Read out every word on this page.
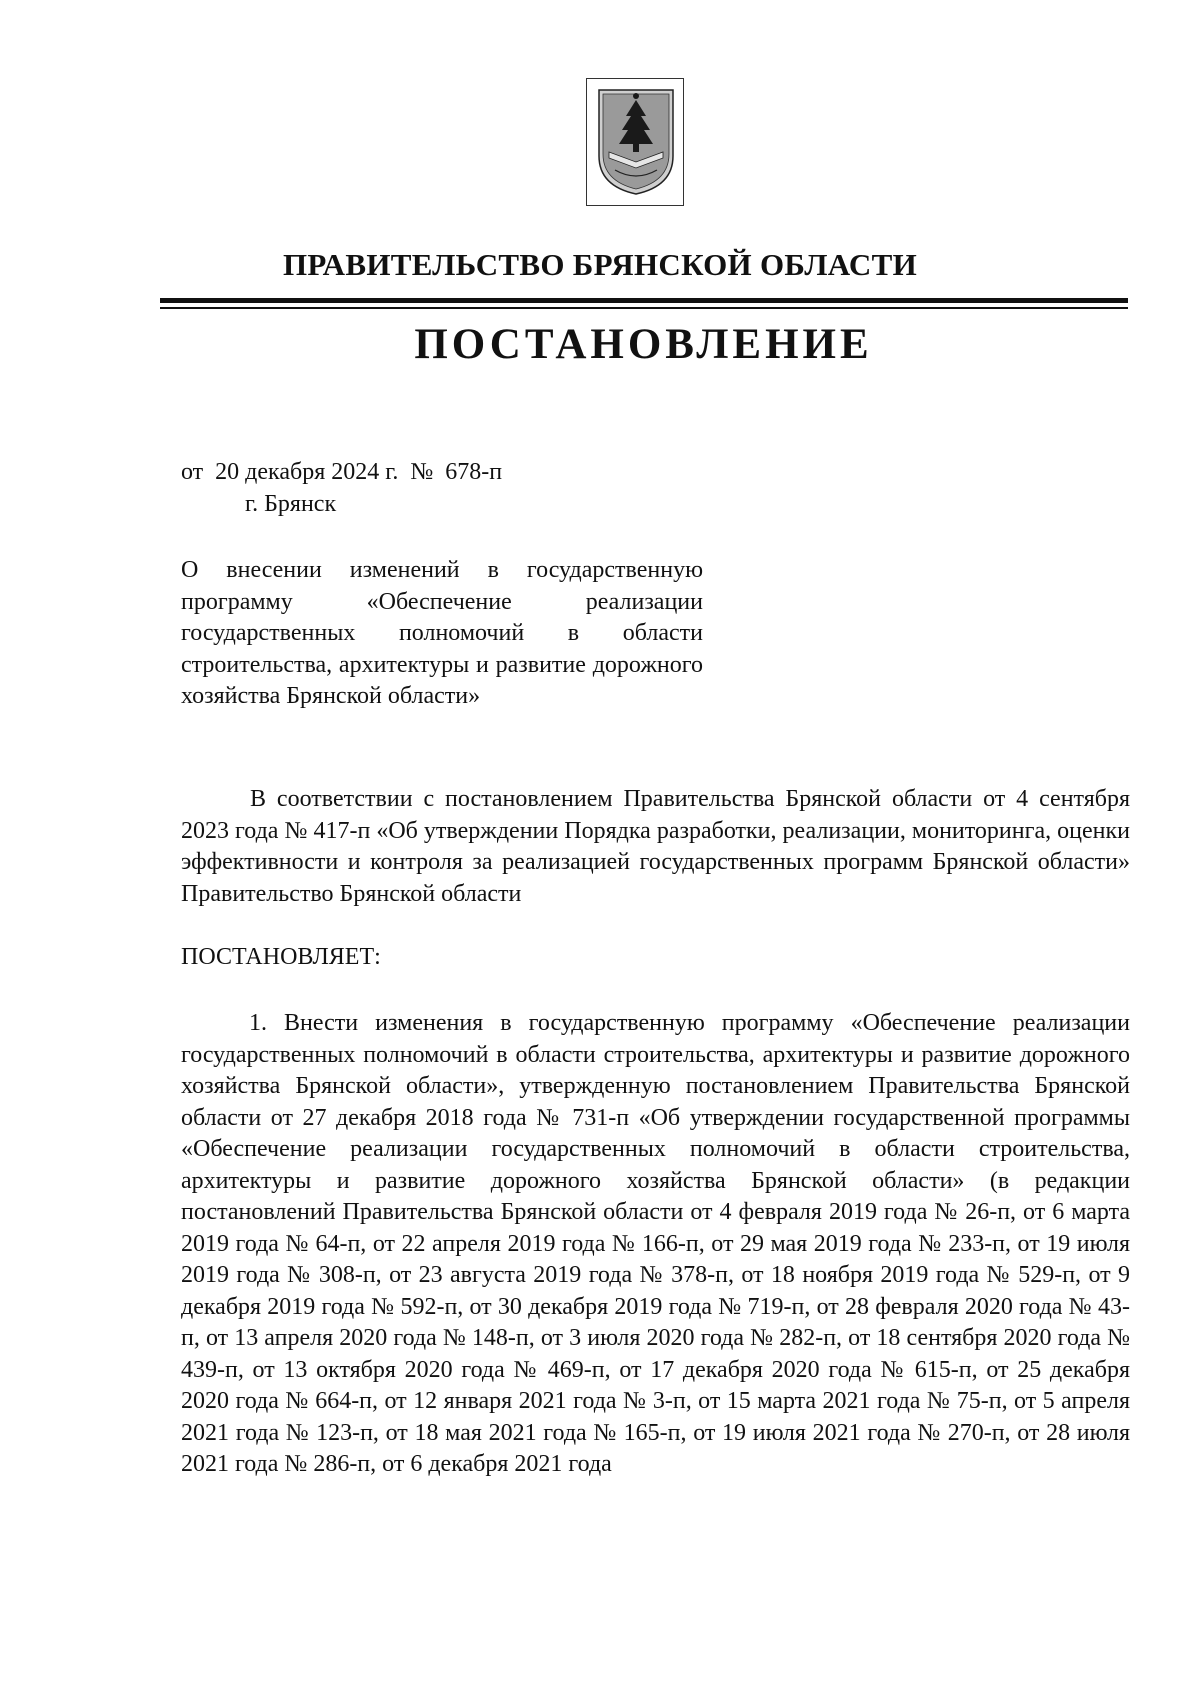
ПРАВИТЕЛЬСТВО БРЯНСКОЙ ОБЛАСТИ
ПОСТАНОВЛЕНИЕ
от  20 декабря 2024 г.  №  678-п
г. Брянск
О внесении изменений в государственную программу «Обеспечение реализации государственных полномочий в области строительства, архитектуры и развитие дорожного хозяйства Брянской области»
В соответствии с постановлением Правительства Брянской области от 4 сентября 2023 года № 417-п «Об утверждении Порядка разработки, реализации, мониторинга, оценки эффективности и контроля за реализацией государственных программ Брянской области» Правительство Брянской области
ПОСТАНОВЛЯЕТ:
1. Внести изменения в государственную программу «Обеспечение реализации государственных полномочий в области строительства, архитектуры и развитие дорожного хозяйства Брянской области», утвержденную постановлением Правительства Брянской области от 27 декабря 2018 года № 731-п «Об утверждении государственной программы «Обеспечение реализации государственных полномочий в области строительства, архитектуры и развитие дорожного хозяйства Брянской области» (в редакции постановлений Правительства Брянской области от 4 февраля 2019 года № 26-п, от 6 марта 2019 года № 64-п, от 22 апреля 2019 года № 166-п, от 29 мая 2019 года № 233-п, от 19 июля 2019 года № 308-п, от 23 августа 2019 года № 378-п, от 18 ноября 2019 года № 529-п, от 9 декабря 2019 года № 592-п, от 30 декабря 2019 года № 719-п, от 28 февраля 2020 года № 43-п, от 13 апреля 2020 года № 148-п, от 3 июля 2020 года № 282-п, от 18 сентября 2020 года № 439-п, от 13 октября 2020 года № 469-п, от 17 декабря 2020 года № 615-п, от 25 декабря 2020 года № 664-п, от 12 января 2021 года № 3-п, от 15 марта 2021 года № 75-п, от 5 апреля 2021 года № 123-п, от 18 мая 2021 года № 165-п, от 19 июля 2021 года № 270-п, от 28 июля 2021 года № 286-п, от 6 декабря 2021 года
